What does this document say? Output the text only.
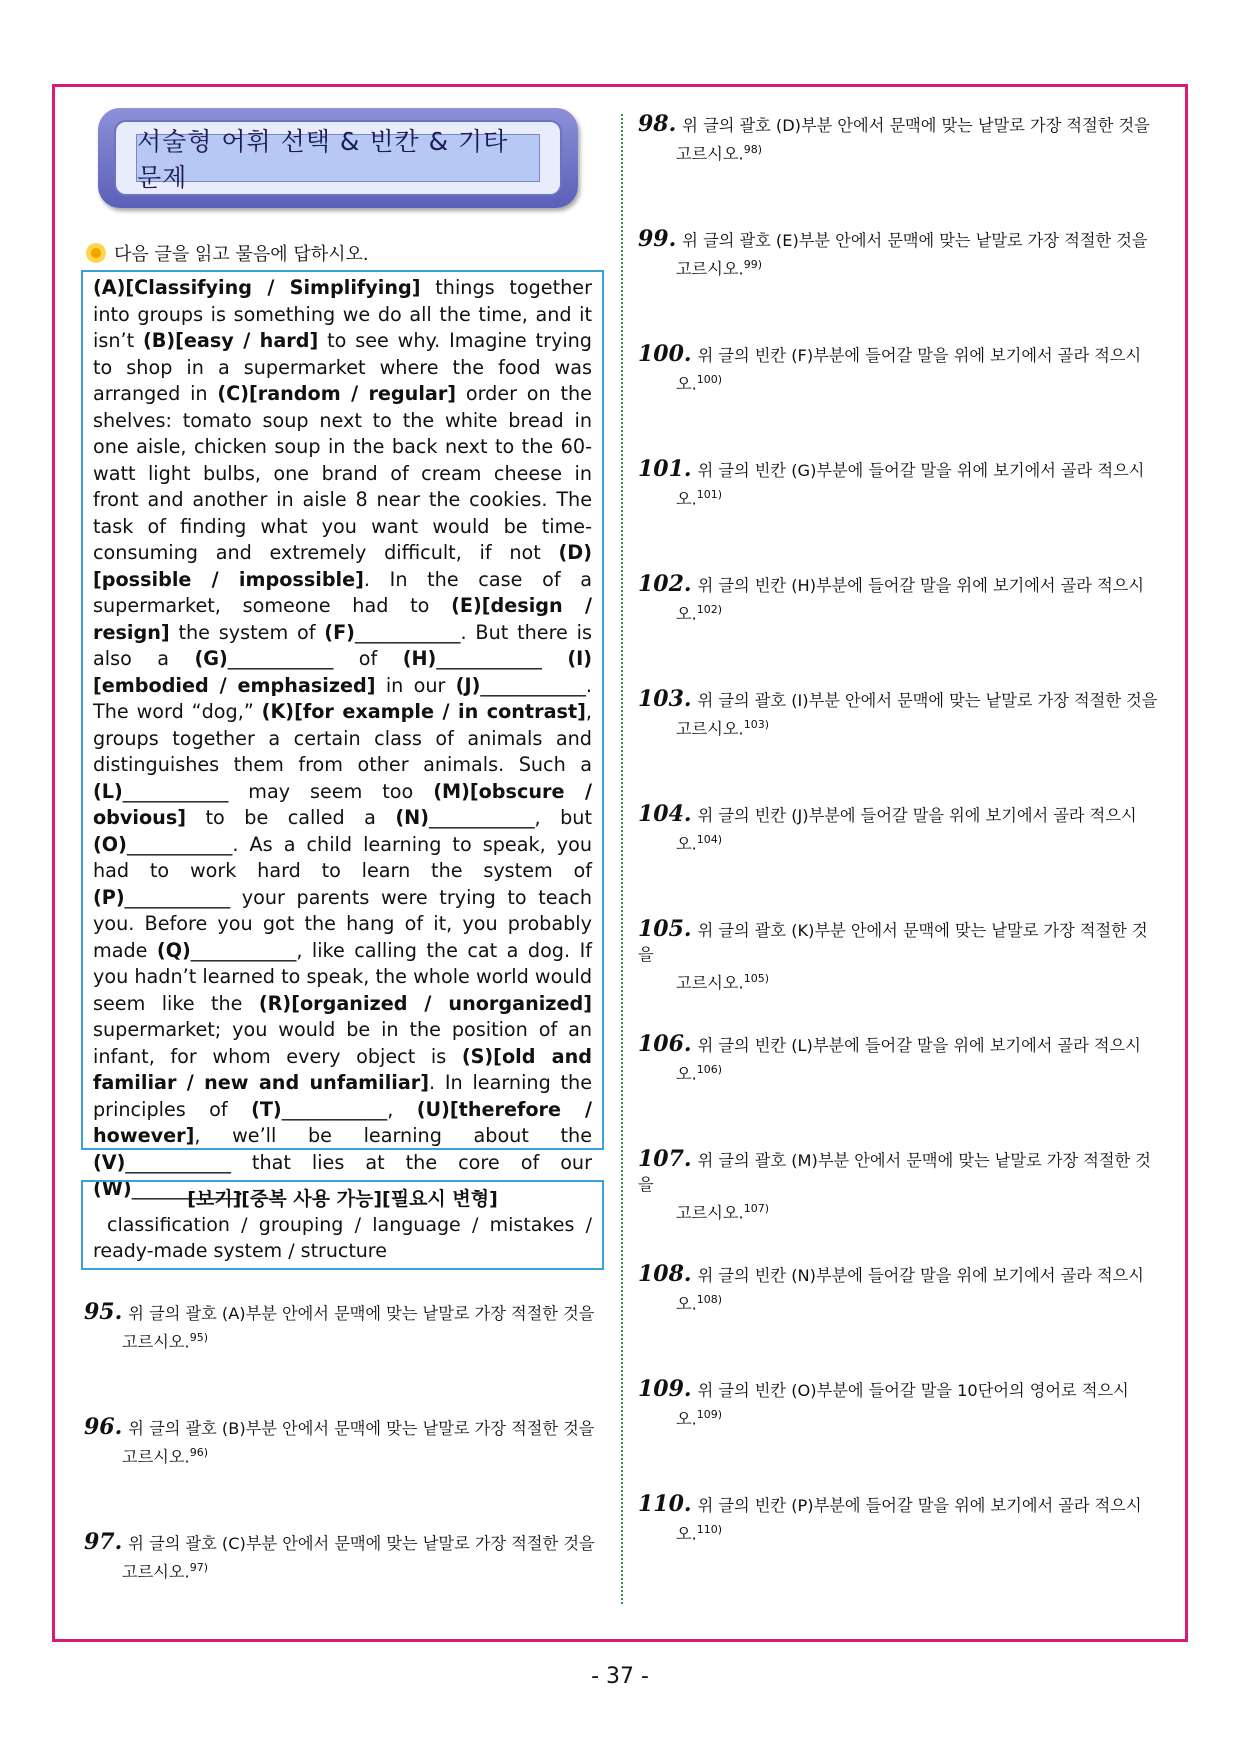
서술형 어휘 선택 & 빈칸 & 기타 문제
다음 글을 읽고 물음에 답하시오.
(A)[Classifying / Simplifying] things together into groups is something we do all the time, and it isn’t (B)[easy / hard] to see why. Imagine trying to shop in a supermarket where the food was arranged in (C)[random / regular] order on the shelves: tomato soup next to the white bread in one aisle, chicken soup in the back next to the 60-watt light bulbs, one brand of cream cheese in front and another in aisle 8 near the cookies. The task of finding what you want would be time-consuming and extremely difficult, if not (D)[possible / impossible]. In the case of a supermarket, someone had to (E)[design / resign] the system of (F)___________. But there is also a (G)___________ of (H)___________ (I)[embodied / emphasized] in our (J)___________. The word “dog,” (K)[for example / in contrast], groups together a certain class of animals and distinguishes them from other animals. Such a (L)___________ may seem too (M)[obscure / obvious] to be called a (N)___________, but (O)___________. As a child learning to speak, you had to work hard to learn the system of (P)___________ your parents were trying to teach you. Before you got the hang of it, you probably made (Q)___________, like calling the cat a dog. If you hadn’t learned to speak, the whole world would seem like the (R)[organized / unorganized] supermarket; you would be in the position of an infant, for whom every object is (S)[old and familiar / new and unfamiliar]. In learning the principles of (T)___________, (U)[therefore / however], we’ll be learning about the (V)___________ that lies at the core of our (W)___________.
[보기][중복 사용 가능][필요시 변형]
classification / grouping / language / mistakes / ready-made system / structure
95. 위 글의 괄호 (A)부분 안에서 문맥에 맞는 낱말로 가장 적절한 것을
고르시오.$^{95)}$
96. 위 글의 괄호 (B)부분 안에서 문맥에 맞는 낱말로 가장 적절한 것을
고르시오.$^{96)}$
97. 위 글의 괄호 (C)부분 안에서 문맥에 맞는 낱말로 가장 적절한 것을
고르시오.$^{97)}$
98. 위 글의 괄호 (D)부분 안에서 문맥에 맞는 낱말로 가장 적절한 것을
고르시오.$^{98)}$
99. 위 글의 괄호 (E)부분 안에서 문맥에 맞는 낱말로 가장 적절한 것을
고르시오.$^{99)}$
100. 위 글의 빈칸 (F)부분에 들어갈 말을 위에 보기에서 골라 적으시
오.$^{100)}$
101. 위 글의 빈칸 (G)부분에 들어갈 말을 위에 보기에서 골라 적으시
오.$^{101)}$
102. 위 글의 빈칸 (H)부분에 들어갈 말을 위에 보기에서 골라 적으시
오.$^{102)}$
103. 위 글의 괄호 (I)부분 안에서 문맥에 맞는 낱말로 가장 적절한 것을
고르시오.$^{103)}$
104. 위 글의 빈칸 (J)부분에 들어갈 말을 위에 보기에서 골라 적으시
오.$^{104)}$
105. 위 글의 괄호 (K)부분 안에서 문맥에 맞는 낱말로 가장 적절한 것을
고르시오.$^{105)}$
106. 위 글의 빈칸 (L)부분에 들어갈 말을 위에 보기에서 골라 적으시
오.$^{106)}$
107. 위 글의 괄호 (M)부분 안에서 문맥에 맞는 낱말로 가장 적절한 것을
고르시오.$^{107)}$
108. 위 글의 빈칸 (N)부분에 들어갈 말을 위에 보기에서 골라 적으시
오.$^{108)}$
109. 위 글의 빈칸 (O)부분에 들어갈 말을 10단어의 영어로 적으시
오.$^{109)}$
110. 위 글의 빈칸 (P)부분에 들어갈 말을 위에 보기에서 골라 적으시
오.$^{110)}$
- 37 -
